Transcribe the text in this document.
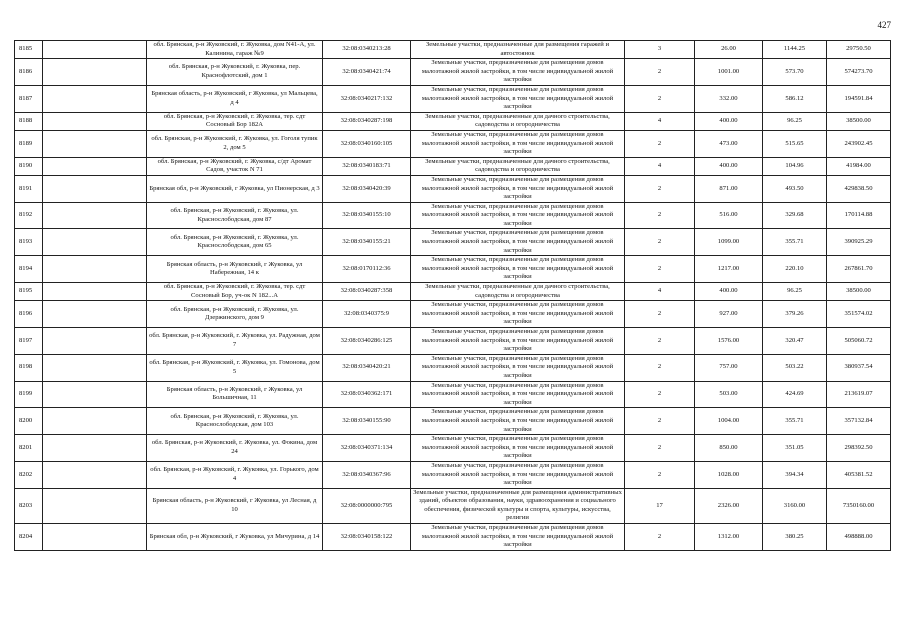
427
8185		обл. Брянская, р-н Жуковский, г. Жуковка, дом N41-А, ул. Калинина, гараж №9	32:08:0340213:28	Земельные участки, предназначенные для размещения гаражей и автостоянок	3	26.00	1144.25	29750.50
8186		обл. Брянская, р-н Жуковский, г. Жуковка, пер. Краснофлотский, дом 1	32:08:0340421:74	Земельные участки, предназначенные для размещения домов малоэтажной жилой застройки, в том числе индивидуальной жилой застройки	2	1001.00	573.70	574273.70
8187		Брянская область, р-н Жуковский, г Жуковка, ул Мальцева, д 4	32:08:0340217:132	Земельные участки, предназначенные для размещения домов малоэтажной жилой застройки, в том числе индивидуальной жилой застройки	2	332.00	586.12	194591.84
8188		обл. Брянская, р-н Жуковский, г. Жуковка, тер. сдт Сосновый Бор 182А	32:08:0340287:198	Земельные участки, предназначенные для дачного строительства, садоводства и огородничества	4	400.00	96.25	38500.00
8189		обл. Брянская, р-н Жуковский, г. Жуковка, ул. Гоголя тупик 2, дом 5	32:08:0340160:105	Земельные участки, предназначенные для размещения домов малоэтажной жилой застройки, в том числе индивидуальной жилой застройки	2	473.00	515.65	243902.45
8190		обл. Брянская, р-н Жуковский, г. Жуковка, с/дт Аромат Садов, участок N 71	32:08:0340183:71	Земельные участки, предназначенные для дачного строительства, садоводства и огородничества	4	400.00	104.96	41984.00
8191		Брянская обл, р-н Жуковский, г Жуковка, ул Пионерская, д 3	32:08:0340420:39	Земельные участки, предназначенные для размещения домов малоэтажной жилой застройки, в том числе индивидуальной жилой застройки	2	871.00	493.50	429838.50
8192		обл. Брянская, р-н Жуковский, г. Жуковка, ул. Краснослободская, дом 87	32:08:0340155:10	Земельные участки, предназначенные для размещения домов малоэтажной жилой застройки, в том числе индивидуальной жилой застройки	2	516.00	329.68	170114.88
8193		обл. Брянская, р-н Жуковский, г. Жуковка, ул. Краснослободская, дом 65	32:08:0340155:21	Земельные участки, предназначенные для размещения домов малоэтажной жилой застройки, в том числе индивидуальной жилой застройки	2	1099.00	355.71	390925.29
8194		Брянская область, р-н Жуковский, г Жуковка, ул Набережная, 14 к	32:08:0170112:36	Земельные участки, предназначенные для размещения домов малоэтажной жилой застройки, в том числе индивидуальной жилой застройки	2	1217.00	220.10	267861.70
8195		обл. Брянская, р-н Жуковский, г. Жуковка, тер. сдт Сосновый Бор, уч-ок N 182...А	32:08:0340287:358	Земельные участки, предназначенные для дачного строительства, садоводства и огородничества	4	400.00	96.25	38500.00
8196		обл. Брянская, р-н Жуковский, г. Жуковка, ул. Дзержинского, дом 9	32:08:0340375:9	Земельные участки, предназначенные для размещения домов малоэтажной жилой застройки, в том числе индивидуальной жилой застройки	2	927.00	379.26	351574.02
8197		обл. Брянская, р-н Жуковский, г. Жуковка, ул. Радужная, дом 7	32:08:0340286:125	Земельные участки, предназначенные для размещения домов малоэтажной жилой застройки, в том числе индивидуальной жилой застройки	2	1576.00	320.47	505060.72
8198		обл. Брянская, р-н Жуковский, г. Жуковка, ул. Гомонова, дом 5	32:08:0340420:21	Земельные участки, предназначенные для размещения домов малоэтажной жилой застройки, в том числе индивидуальной жилой застройки	2	757.00	503.22	380937.54
8199		Брянская область, р-н Жуковский, г Жуковка, ул Большичная, 11	32:08:0340362:171	Земельные участки, предназначенные для размещения домов малоэтажной жилой застройки, в том числе индивидуальной жилой застройки	2	503.00	424.69	213619.07
8200		обл. Брянская, р-н Жуковский, г. Жуковка, ул. Краснослободская, дом 103	32:08:0340155:90	Земельные участки, предназначенные для размещения домов малоэтажной жилой застройки, в том числе индивидуальной жилой застройки	2	1004.00	355.71	357132.84
8201		обл. Брянская, р-н Жуковский, г. Жуковка, ул. Фокина, дом 24	32:08:0340371:134	Земельные участки, предназначенные для размещения домов малоэтажной жилой застройки, в том числе индивидуальной жилой застройки	2	850.00	351.05	298392.50
8202		обл. Брянская, р-н Жуковский, г. Жуковка, ул. Горького, дом 4	32:08:0340367:96	Земельные участки, предназначенные для размещения домов малоэтажной жилой застройки, в том числе индивидуальной жилой застройки	2	1028.00	394.34	405381.52
8203		Брянская область, р-н Жуковский, г Жуковка, ул Лесная, д 10	32:08:0000000:795	Земельные участки, предназначенные для размещения административных зданий, объектов образования, науки, здравоохранения и социального обеспечения, физической культуры и спорта, культуры, искусства, религии	17	2326.00	3160.00	7350160.00
8204		Брянская обл, р-н Жуковский, г Жуковка, ул Мичурина, д 14	32:08:0340158:122	Земельные участки, предназначенные для размещения домов малоэтажной жилой застройки, в том числе индивидуальной жилой застройки	2	1312.00	380.25	498888.00
